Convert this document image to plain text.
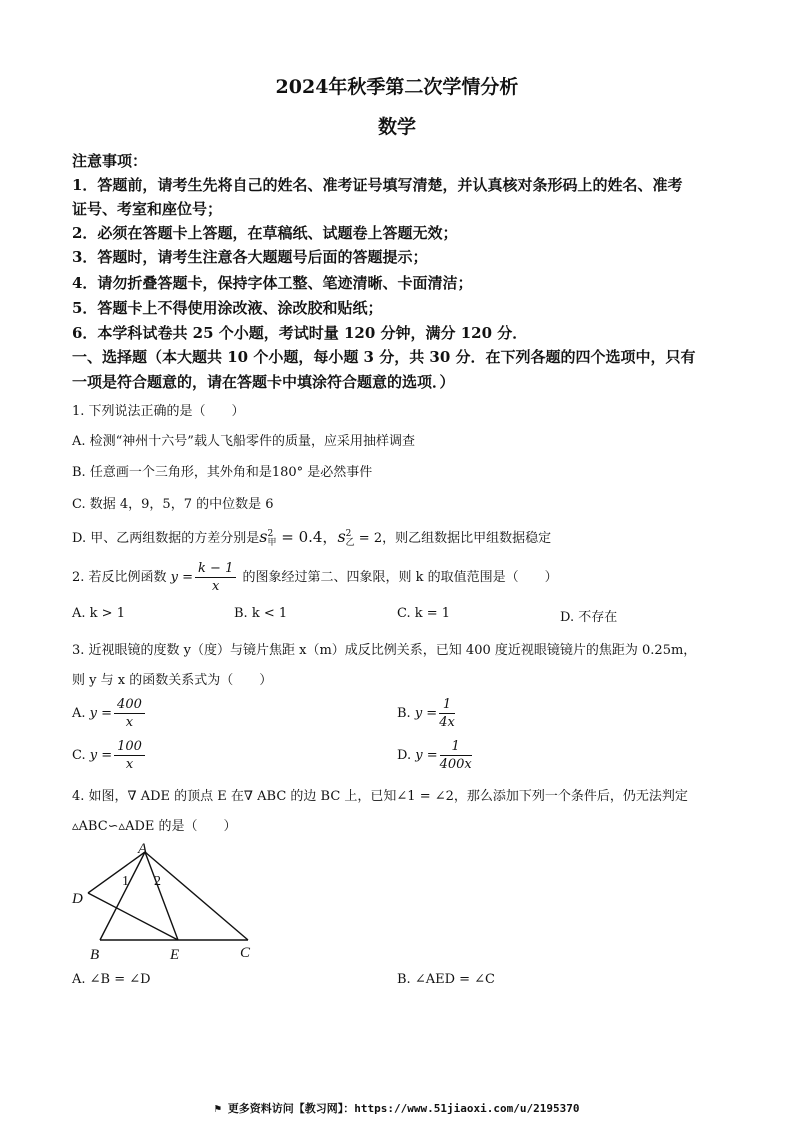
2024年秋季第二次学情分析
数学
注意事项：
1．答题前，请考生先将自己的姓名、准考证号填写清楚，并认真核对条形码上的姓名、准考
证号、考室和座位号；
2．必须在答题卡上答题，在草稿纸、试题卷上答题无效；
3．答题时，请考生注意各大题题号后面的答题提示；
4．请勿折叠答题卡，保持字体工整、笔迹清晰、卡面清洁；
5．答题卡上不得使用涂改液、涂改胶和贴纸；
6．本学科试卷共 25 个小题，考试时量 120 分钟，满分 120 分．
一、选择题（本大题共 10 个小题，每小题 3 分，共 30 分．在下列各题的四个选项中，只有
一项是符合题意的，请在答题卡中填涂符合题意的选项．）
1. 下列说法正确的是（　　）
A. 检测“神州十六号”载人飞船零件的质量，应采用抽样调查
B. 任意画一个三角形，其外角和是180° 是必然事件
C. 数据 4，9，5，7 的中位数是 6
D. 甲、乙两组数据的方差分别是s 2
甲 = 0.4，s 2
乙 = 2，则乙组数据比甲组数据稳定
2. 若反比例函数 $y = \frac{k - 1}{x}$ 的图象经过第二、四象限，则 k 的取值范围是（　　）
A. k > 1	B. k < 1	C. k = 1	D. 不存在
3. 近视眼镜的度数 y（度）与镜片焦距 x（m）成反比例关系，已知 400 度近视眼镜镜片的焦距为 0.25m，
则 y 与 x 的函数关系式为（　　）
A. $y = \frac{400}{x}$	B. $y = \frac{1}{4x}$
C. $y = \frac{100}{x}$	D. $y = \frac{1}{400x}$
4. 如图，∇ ADE 的顶点 E 在∇ ABC 的边 BC 上，已知∠1 = ∠2，那么添加下列一个条件后，仍无法判定
▵ABC∽▵ADE 的是（　　）
A
D
B	E	C
1 2
A. ∠B = ∠D	B. ∠AED = ∠C
⚑ 更多资料访问【教习网】：https://www.51jiaoxi.com/u/2195370
